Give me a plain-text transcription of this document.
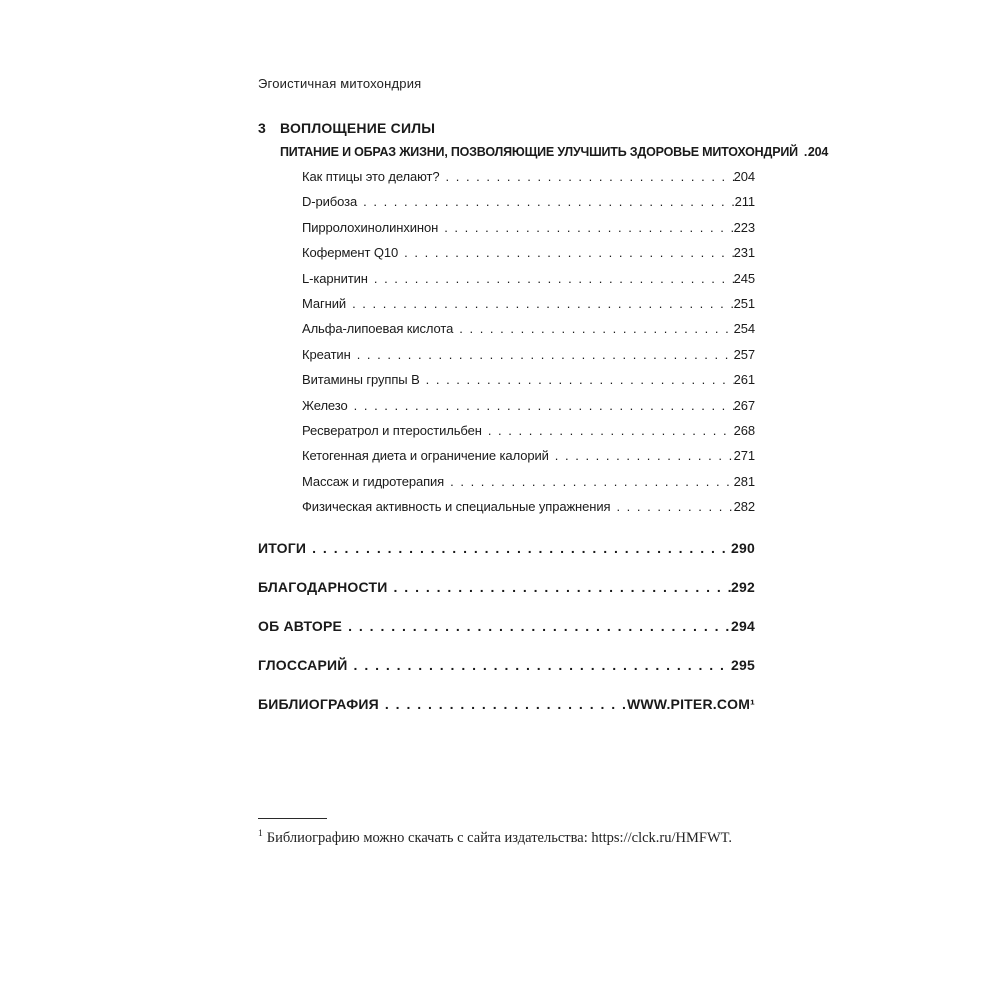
Эгоистичная митохондрия
3	ВОПЛОЩЕНИЕ СИЛЫ
ПИТАНИЕ И ОБРАЗ ЖИЗНИ, ПОЗВОЛЯЮЩИЕ УЛУЧШИТЬ ЗДОРОВЬЕ МИТОХОНДРИЙ . . . 204
Как птицы это делают? . . .	204
D-рибоза . . .	211
Пирролохинолинхинон . . .	223
Кофермент Q10 . . .	231
L-карнитин . . .	245
Магний . . .	251
Альфа-липоевая кислота . . .	254
Креатин . . .	257
Витамины группы B . . .	261
Железо . . .	267
Ресвератрол и птеростильбен . . .	268
Кетогенная диета и ограничение калорий . . .	271
Массаж и гидротерапия . . .	281
Физическая активность и специальные упражнения . . .	282
ИТОГИ . . .	290
БЛАГОДАРНОСТИ . . .	292
ОБ АВТОРЕ . . .	294
ГЛОССАРИЙ . . .	295
БИБЛИОГРАФИЯ . . .	WWW.PITER.COM¹
$^1$ Библиографию можно скачать с сайта издательства: https://clck.ru/HMFWT.
